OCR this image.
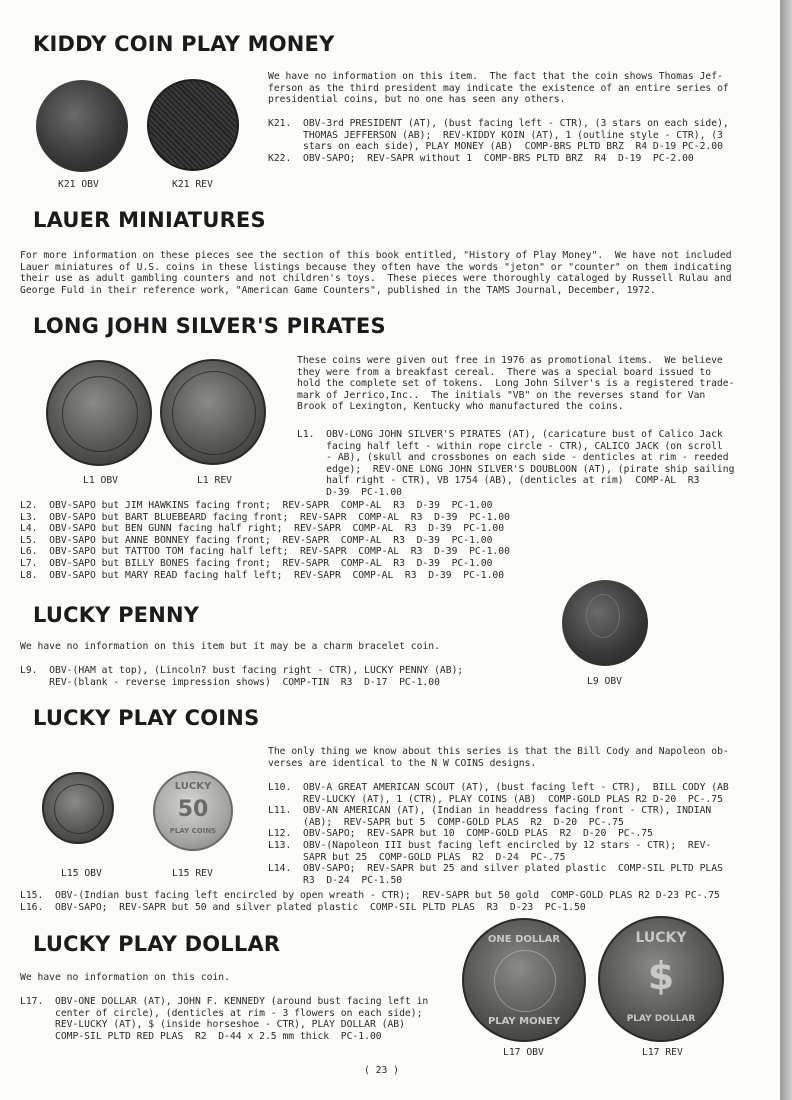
KIDDY COIN PLAY MONEY
K21 OBV	K21 REV
We have no information on this item.  The fact that the coin shows Thomas Jef-
ferson as the third president may indicate the existence of an entire series of
presidential coins, but no one has seen any others.
K21.  OBV-3rd PRESIDENT (AT), (bust facing left - CTR), (3 stars on each side),
THOMAS JEFFERSON (AB);  REV-KIDDY KOIN (AT), 1 (outline style - CTR), (3
stars on each side), PLAY MONEY (AB)  COMP-BRS PLTD BRZ  R4 D-19 PC-2.00
K22.  OBV-SAPO;  REV-SAPR without 1  COMP-BRS PLTD BRZ  R4  D-19  PC-2.00
LAUER MINIATURES
For more information on these pieces see the section of this book entitled, "History of Play Money".  We have not included
Lauer miniatures of U.S. coins in these listings because they often have the words "jeton" or "counter" on them indicating
their use as adult gambling counters and not children's toys.  These pieces were thoroughly cataloged by Russell Rulau and
George Fuld in their reference work, "American Game Counters", published in the TAMS Journal, December, 1972.
LONG JOHN SILVER'S PIRATES
L1 OBV	L1 REV
These coins were given out free in 1976 as promotional items.  We believe
they were from a breakfast cereal.  There was a special board issued to
hold the complete set of tokens.  Long John Silver's is a registered trade-
mark of Jerrico,Inc..  The initials "VB" on the reverses stand for Van
Brook of Lexington, Kentucky who manufactured the coins.
L1.  OBV-LONG JOHN SILVER'S PIRATES (AT), (caricature bust of Calico Jack
facing half left - within rope circle - CTR), CALICO JACK (on scroll
- AB), (skull and crossbones on each side - denticles at rim - reeded
edge);  REV-ONE LONG JOHN SILVER'S DOUBLOON (AT), (pirate ship sailing
half right - CTR), VB 1754 (AB), (denticles at rim)  COMP-AL  R3
D-39  PC-1.00
L2.  OBV-SAPO but JIM HAWKINS facing front;  REV-SAPR  COMP-AL  R3  D-39  PC-1.00
L3.  OBV-SAPO but BART BLUEBEARD facing front;  REV-SAPR  COMP-AL  R3  D-39  PC-1.00
L4.  OBV-SAPO but BEN GUNN facing half right;  REV-SAPR  COMP-AL  R3  D-39  PC-1.00
L5.  OBV-SAPO but ANNE BONNEY facing front;  REV-SAPR  COMP-AL  R3  D-39  PC-1.00
L6.  OBV-SAPO but TATTOO TOM facing half left;  REV-SAPR  COMP-AL  R3  D-39  PC-1.00
L7.  OBV-SAPO but BILLY BONES facing front;  REV-SAPR  COMP-AL  R3  D-39  PC-1.00
L8.  OBV-SAPO but MARY READ facing half left;  REV-SAPR  COMP-AL  R3  D-39  PC-1.00
LUCKY PENNY
L9 OBV
We have no information on this item but it may be a charm bracelet coin.
L9.  OBV-(HAM at top), (Lincoln? bust facing right - CTR), LUCKY PENNY (AB);
REV-(blank - reverse impression shows)  COMP-TIN  R3  D-17  PC-1.00
LUCKY PLAY COINS
LUCKY
50
PLAY COINS
L15 OBV	L15 REV
The only thing we know about this series is that the Bill Cody and Napoleon ob-
verses are identical to the N W COINS designs.
L10.  OBV-A GREAT AMERICAN SCOUT (AT), (bust facing left - CTR),  BILL CODY (AB
REV-LUCKY (AT), 1 (CTR), PLAY COINS (AB)  COMP-GOLD PLAS R2 D-20  PC-.75
L11.  OBV-AN AMERICAN (AT), (Indian in headdress facing front - CTR), INDIAN
(AB);  REV-SAPR but 5  COMP-GOLD PLAS  R2  D-20  PC-.75
L12.  OBV-SAPO;  REV-SAPR but 10  COMP-GOLD PLAS  R2  D-20  PC-.75
L13.  OBV-(Napoleon III bust facing left encircled by 12 stars - CTR);  REV-
SAPR but 25  COMP-GOLD PLAS  R2  D-24  PC-.75
L14.  OBV-SAPO;  REV-SAPR but 25 and silver plated plastic  COMP-SIL PLTD PLAS
R3  D-24  PC-1.50
L15.  OBV-(Indian bust facing left encircled by open wreath - CTR);  REV-SAPR but 50 gold  COMP-GOLD PLAS R2 D-23 PC-.75
L16.  OBV-SAPO;  REV-SAPR but 50 and silver plated plastic  COMP-SIL PLTD PLAS  R3  D-23  PC-1.50
LUCKY PLAY DOLLAR	ONE DOLLAR
PLAY MONEY
LUCKY
$
PLAY DOLLAR
L17 OBV	L17 REV
We have no information on this coin.
L17.  OBV-ONE DOLLAR (AT), JOHN F. KENNEDY (around bust facing left in
center of circle), (denticles at rim - 3 flowers on each side);
REV-LUCKY (AT), $ (inside horseshoe - CTR), PLAY DOLLAR (AB)
COMP-SIL PLTD RED PLAS  R2  D-44 x 2.5 mm thick  PC-1.00
( 23 )
